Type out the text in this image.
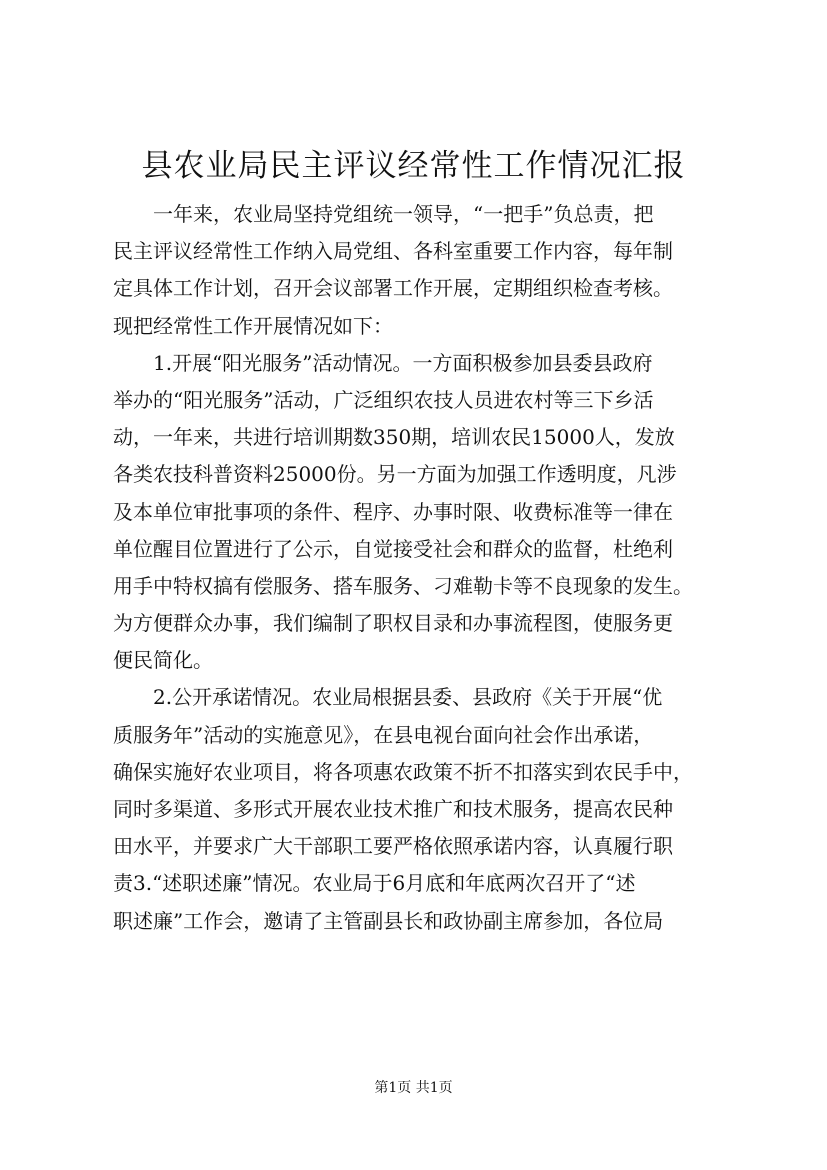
县农业局民主评议经常性工作情况汇报
一年来，农业局坚持党组统一领导，“一把手”负总责，把
民主评议经常性工作纳入局党组、各科室重要工作内容，每年制
定具体工作计划，召开会议部署工作开展，定期组织检查考核。
现把经常性工作开展情况如下：
1.开展“阳光服务”活动情况。一方面积极参加县委县政府
举办的“阳光服务”活动，广泛组织农技人员进农村等三下乡活
动，一年来，共进行培训期数350期，培训农民15000人，发放
各类农技科普资料25000份。另一方面为加强工作透明度，凡涉
及本单位审批事项的条件、程序、办事时限、收费标准等一律在
单位醒目位置进行了公示，自觉接受社会和群众的监督，杜绝利
用手中特权搞有偿服务、搭车服务、刁难勒卡等不良现象的发生。
为方便群众办事，我们编制了职权目录和办事流程图，使服务更
便民简化。
2.公开承诺情况。农业局根据县委、县政府《关于开展“优
质服务年”活动的实施意见》，在县电视台面向社会作出承诺，
确保实施好农业项目，将各项惠农政策不折不扣落实到农民手中，
同时多渠道、多形式开展农业技术推广和技术服务，提高农民种
田水平，并要求广大干部职工要严格依照承诺内容，认真履行职
责3.“述职述廉”情况。农业局于6月底和年底两次召开了“述
职述廉”工作会，邀请了主管副县长和政协副主席参加，各位局
第1页 共1页
